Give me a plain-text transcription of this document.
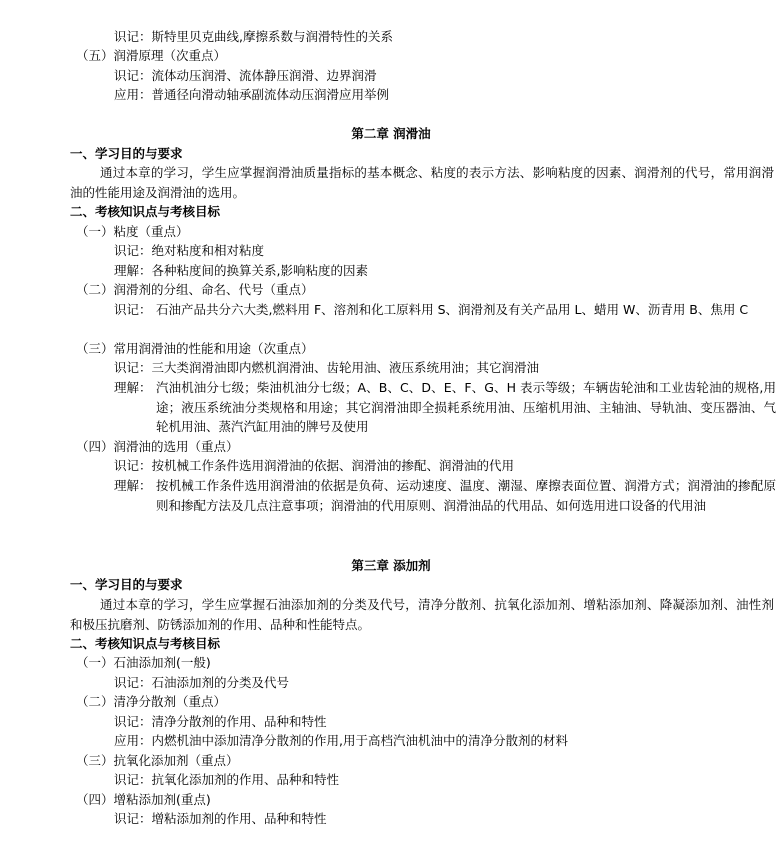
识记：斯特里贝克曲线,摩擦系数与润滑特性的关系
（五）润滑原理（次重点）
识记：流体动压润滑、流体静压润滑、边界润滑
应用：普通径向滑动轴承副流体动压润滑应用举例
第二章 润滑油
一、学习目的与要求
通过本章的学习，学生应掌握润滑油质量指标的基本概念、粘度的表示方法、影响粘度的因素、润滑剂的代号，常用润滑油的性能用途及润滑油的选用。
二、考核知识点与考核目标
（一）粘度（重点）
识记：绝对粘度和相对粘度
理解：各种粘度间的换算关系,影响粘度的因素
（二）润滑剂的分组、命名、代号（重点）
识记： 石油产品共分六大类,燃料用 F、溶剂和化工原料用 S、润滑剂及有关产品用 L、蜡用 W、沥青用 B、焦用 C
（三）常用润滑油的性能和用途（次重点）
识记：三大类润滑油即内燃机润滑油、齿轮用油、液压系统用油；其它润滑油
理解： 汽油机油分七级；柴油机油分七级；A、B、C、D、E、F、G、H 表示等级；车辆齿轮油和工业齿轮油的规格,用途；液压系统油分类规格和用途；其它润滑油即全损耗系统用油、压缩机用油、主轴油、导轨油、变压器油、气轮机用油、蒸汽汽缸用油的牌号及使用
（四）润滑油的选用（重点）
识记：按机械工作条件选用润滑油的依据、润滑油的掺配、润滑油的代用
理解： 按机械工作条件选用润滑油的依据是负荷、运动速度、温度、潮湿、摩擦表面位置、润滑方式；润滑油的掺配原则和掺配方法及几点注意事项；润滑油的代用原则、润滑油品的代用品、如何选用进口设备的代用油
第三章 添加剂
一、学习目的与要求
通过本章的学习，学生应掌握石油添加剂的分类及代号，清净分散剂、抗氧化添加剂、增粘添加剂、降凝添加剂、油性剂和极压抗磨剂、防锈添加剂的作用、品种和性能特点。
二、考核知识点与考核目标
（一）石油添加剂(一般)
识记：石油添加剂的分类及代号
（二）清净分散剂（重点）
识记：清净分散剂的作用、品种和特性
应用：内燃机油中添加清净分散剂的作用,用于高档汽油机油中的清净分散剂的材料
（三）抗氧化添加剂（重点）
识记：抗氧化添加剂的作用、品种和特性
（四）增粘添加剂(重点)
识记：增粘添加剂的作用、品种和特性
